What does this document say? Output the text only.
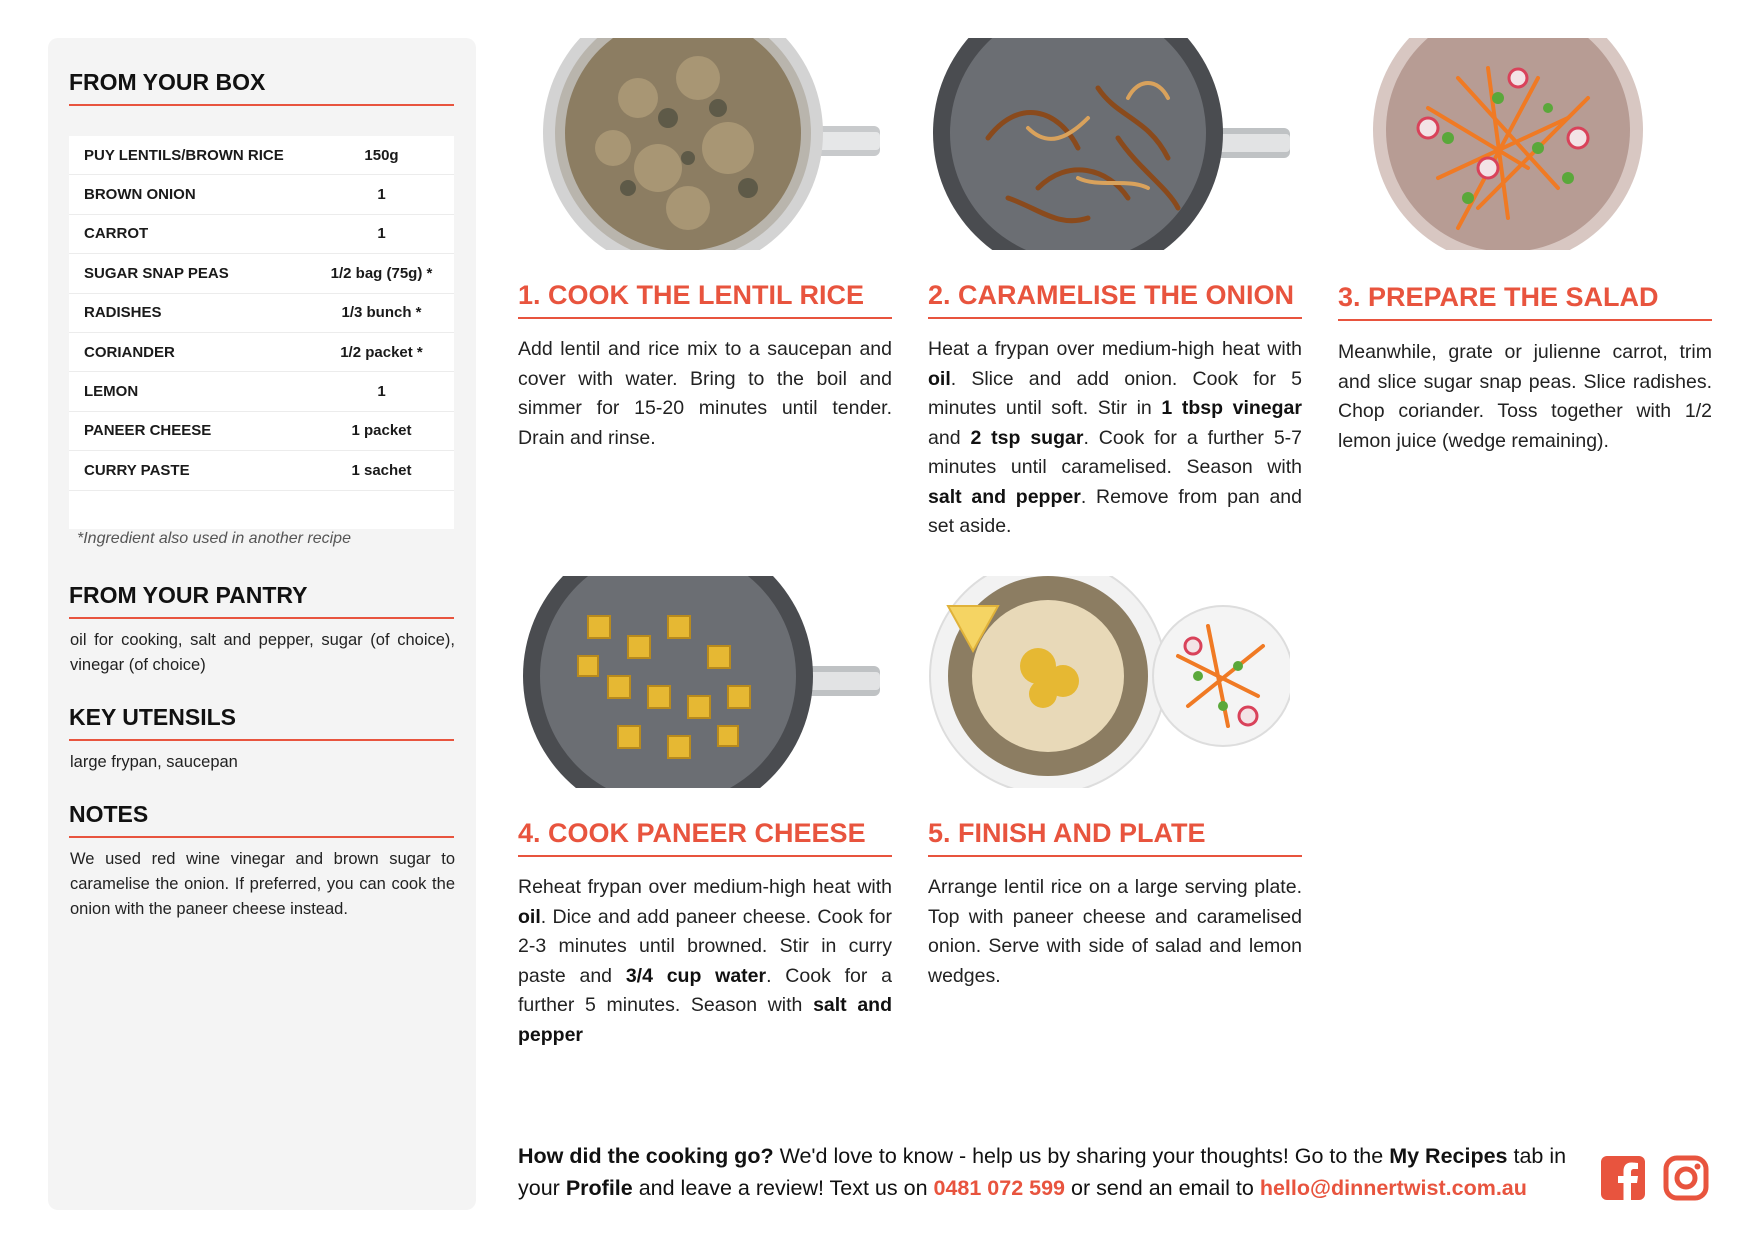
FROM YOUR BOX
PUY LENTILS/BROWN RICE	150g
BROWN ONION	1
CARROT	1
SUGAR SNAP PEAS	1/2 bag (75g) *
RADISHES	1/3 bunch *
CORIANDER	1/2 packet *
LEMON	1
PANEER CHEESE	1 packet
CURRY PASTE	1 sachet
*Ingredient also used in another recipe
FROM YOUR PANTRY
oil for cooking, salt and pepper, sugar (of choice), vinegar (of choice)
KEY UTENSILS
large frypan, saucepan
NOTES
We used red wine vinegar and brown sugar to caramelise the onion. If preferred, you can cook the onion with the paneer cheese instead.
1. COOK THE LENTIL RICE
Add lentil and rice mix to a saucepan and cover with water. Bring to the boil and simmer for 15-20 minutes until tender. Drain and rinse.
2. CARAMELISE THE ONION
Heat a frypan over medium-high heat with oil. Slice and add onion. Cook for 5 minutes until soft. Stir in 1 tbsp vinegar and 2 tsp sugar. Cook for a further 5-7 minutes until caramelised. Season with salt and pepper. Remove from pan and set aside.
3. PREPARE THE SALAD
Meanwhile, grate or julienne carrot, trim and slice sugar snap peas. Slice radishes. Chop coriander. Toss together with 1/2 lemon juice (wedge remaining).
4. COOK PANEER CHEESE
Reheat frypan over medium-high heat with oil. Dice and add paneer cheese. Cook for 2-3 minutes until browned. Stir in curry paste and 3/4 cup water. Cook for a further 5 minutes. Season with salt and pepper
5. FINISH AND PLATE
Arrange lentil rice on a large serving plate. Top with paneer cheese and caramelised onion. Serve with side of salad and lemon wedges.
How did the cooking go? We'd love to know - help us by sharing your thoughts! Go to the My Recipes tab in your Profile and leave a review! Text us on 0481 072 599 or send an email to hello@dinnertwist.com.au
